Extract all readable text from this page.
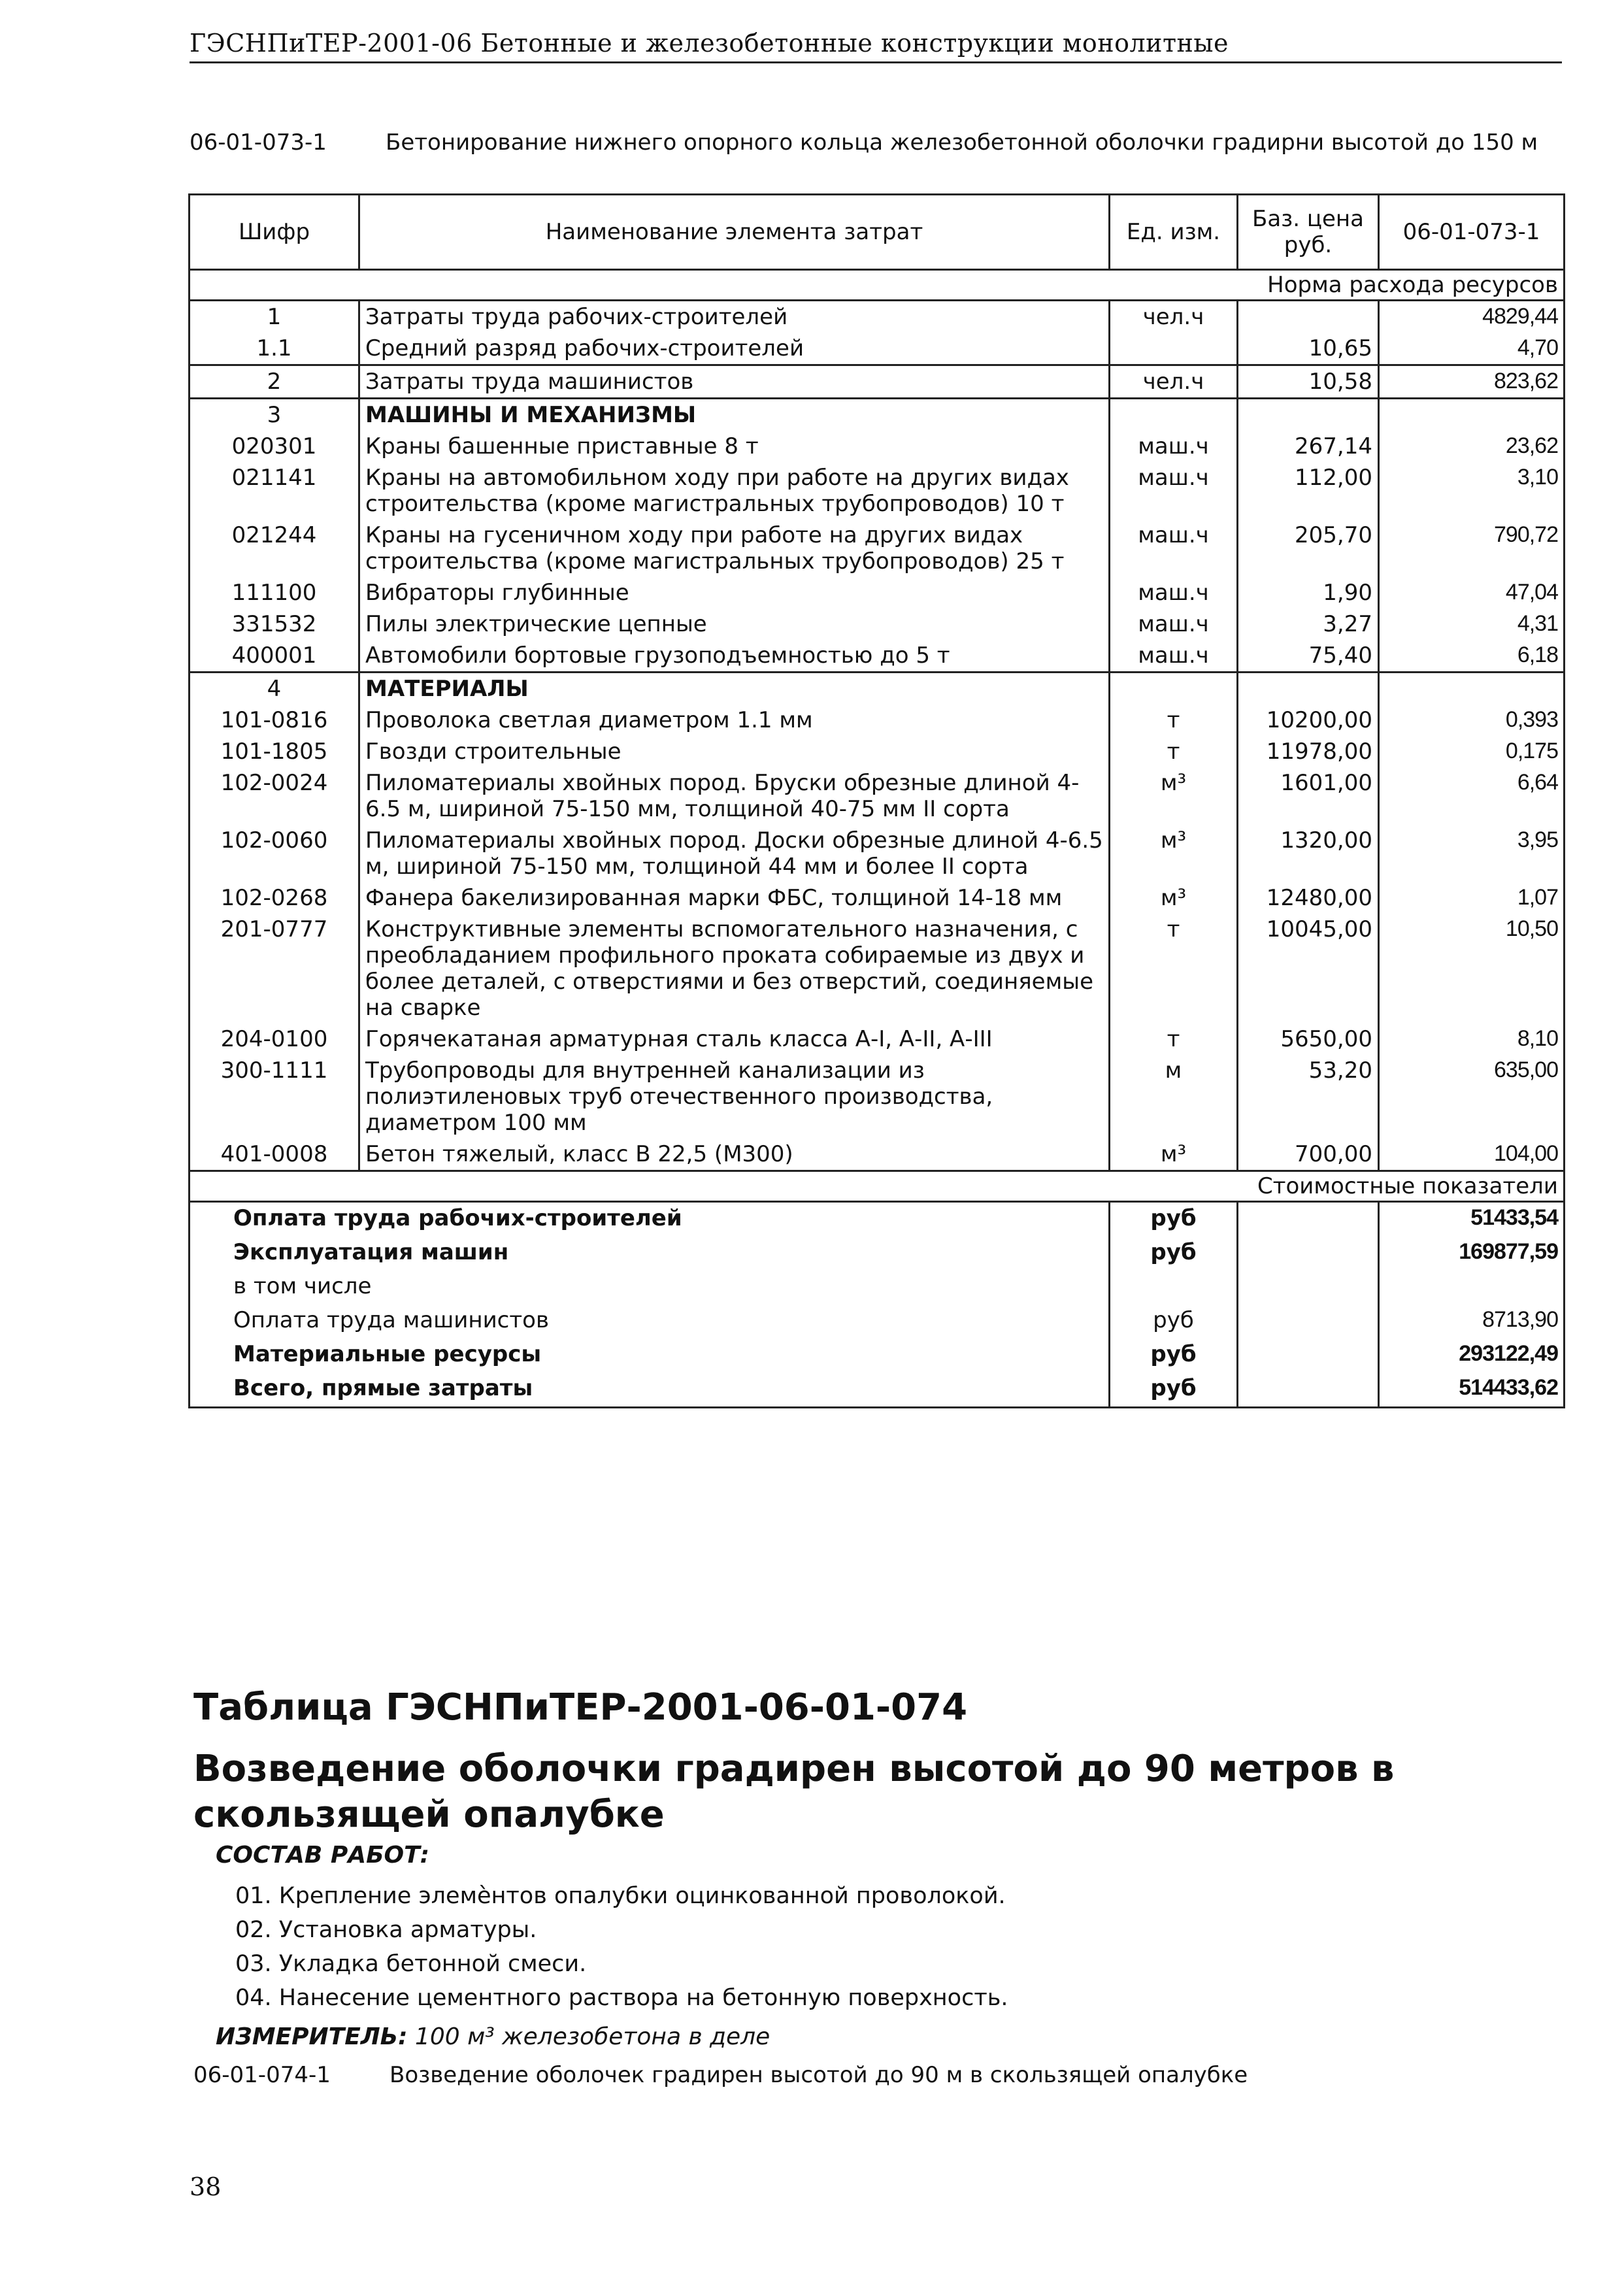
ГЭСНПиТЕР-2001-06 Бетонные и железобетонные конструкции монолитные
06-01-073-1	Бетонирование нижнего опорного кольца железобетонной оболочки градирни высотой до 150 м
Шифр	Наименование элемента затрат	Ед. изм.	Баз. цена руб.	06-01-073-1
Норма расхода ресурсов				
1	Затраты труда рабочих-строителей	чел.ч		4829,44
1.1	Средний разряд рабочих-строителей		10,65	4,70
2	Затраты труда машинистов	чел.ч	10,58	823,62
3	МАШИНЫ И МЕХАНИЗМЫ			
020301	Краны башенные приставные 8 т	маш.ч	267,14	23,62
021141	Краны на автомобильном ходу при работе на других видах строительства (кроме магистральных трубопроводов) 10 т	маш.ч	112,00	3,10
021244	Краны на гусеничном ходу при работе на других видах строительства (кроме магистральных трубопроводов) 25 т	маш.ч	205,70	790,72
111100	Вибраторы глубинные	маш.ч	1,90	47,04
331532	Пилы электрические цепные	маш.ч	3,27	4,31
400001	Автомобили бортовые грузоподъемностью до 5 т	маш.ч	75,40	6,18
4	МАТЕРИАЛЫ			
101-0816	Проволока светлая диаметром 1.1 мм	т	10200,00	0,393
101-1805	Гвозди строительные	т	11978,00	0,175
102-0024	Пиломатериалы хвойных пород. Бруски обрезные длиной 4-6.5 м, шириной 75-150 мм, толщиной 40-75 мм II сорта	м³	1601,00	6,64
102-0060	Пиломатериалы хвойных пород. Доски обрезные длиной 4-6.5 м, шириной 75-150 мм, толщиной 44 мм и более II сорта	м³	1320,00	3,95
102-0268	Фанера бакелизированная марки ФБС, толщиной 14-18 мм	м³	12480,00	1,07
201-0777	Конструктивные элементы вспомогательного назначения, с преобладанием профильного проката собираемые из двух и более деталей, с отверстиями и без отверстий, соединяемые на сварке	т	10045,00	10,50
204-0100	Горячекатаная арматурная сталь класса А-I, А-II, А-III	т	5650,00	8,10
300-1111	Трубопроводы для внутренней канализации из полиэтиленовых труб отечественного производства, диаметром 100 мм	м	53,20	635,00
401-0008	Бетон тяжелый, класс В 22,5 (М300)	м³	700,00	104,00
Стоимостные показатели				
Оплата труда рабочих-строителей		руб		51433,54
Эксплуатация машин		руб		169877,59
в том числе				
Оплата труда машинистов		руб		8713,90
Материальные ресурсы		руб		293122,49
Всего, прямые затраты		руб		514433,62
Таблица ГЭСНПиТЕР-2001-06-01-074
Возведение оболочки градирен высотой до 90 метров в скользящей опалубке
СОСТАВ РАБОТ:
01. Крепление элемѐнтов опалубки оцинкованной проволокой.
02. Установка арматуры.
03. Укладка бетонной смеси.
04. Нанесение цементного раствора на бетонную поверхность.
ИЗМЕРИТЕЛЬ: 100 м³ железобетона в деле
06-01-074-1	Возведение оболочек градирен высотой до 90 м в скользящей опалубке
38
